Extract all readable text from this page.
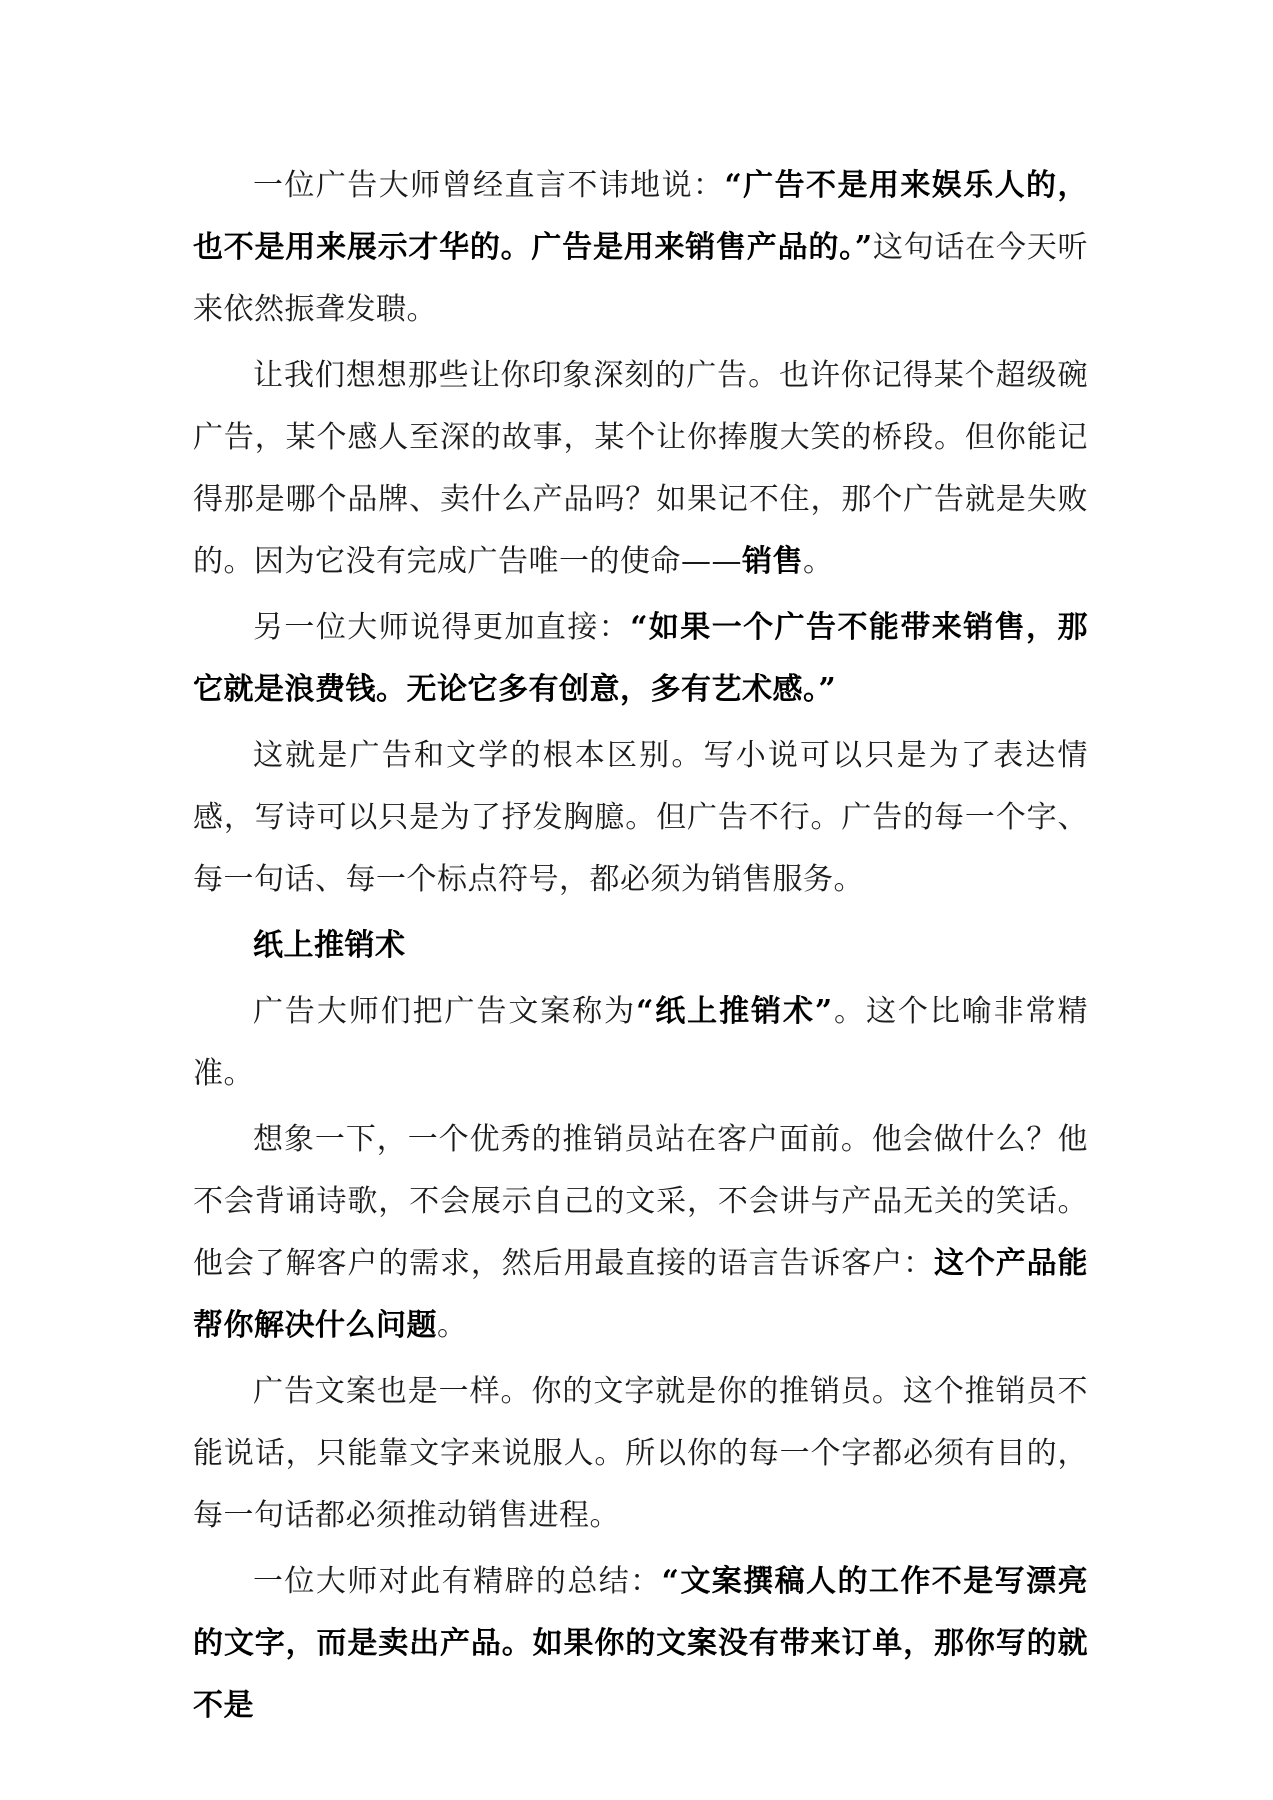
一位广告大师曾经直言不讳地说：“广告不是用来娱乐人的，也不是用来展示才华的。广告是用来销售产品的。”这句话在今天听来依然振聋发聩。

让我们想想那些让你印象深刻的广告。也许你记得某个超级碗广告，某个感人至深的故事，某个让你捧腹大笑的桥段。但你能记得那是哪个品牌、卖什么产品吗？如果记不住，那个广告就是失败的。因为它没有完成广告唯一的使命——销售。

另一位大师说得更加直接：“如果一个广告不能带来销售，那它就是浪费钱。无论它多有创意，多有艺术感。”

这就是广告和文学的根本区别。写小说可以只是为了表达情感，写诗可以只是为了抒发胸臆。但广告不行。广告的每一个字、每一句话、每一个标点符号，都必须为销售服务。

纸上推销术

广告大师们把广告文案称为“纸上推销术”。这个比喻非常精准。

想象一下，一个优秀的推销员站在客户面前。他会做什么？他不会背诵诗歌，不会展示自己的文采，不会讲与产品无关的笑话。他会了解客户的需求，然后用最直接的语言告诉客户：这个产品能帮你解决什么问题。

广告文案也是一样。你的文字就是你的推销员。这个推销员不能说话，只能靠文字来说服人。所以你的每一个字都必须有目的，每一句话都必须推动销售进程。

一位大师对此有精辟的总结：“文案撰稿人的工作不是写漂亮的文字，而是卖出产品。如果你的文案没有带来订单，那你写的就不是
